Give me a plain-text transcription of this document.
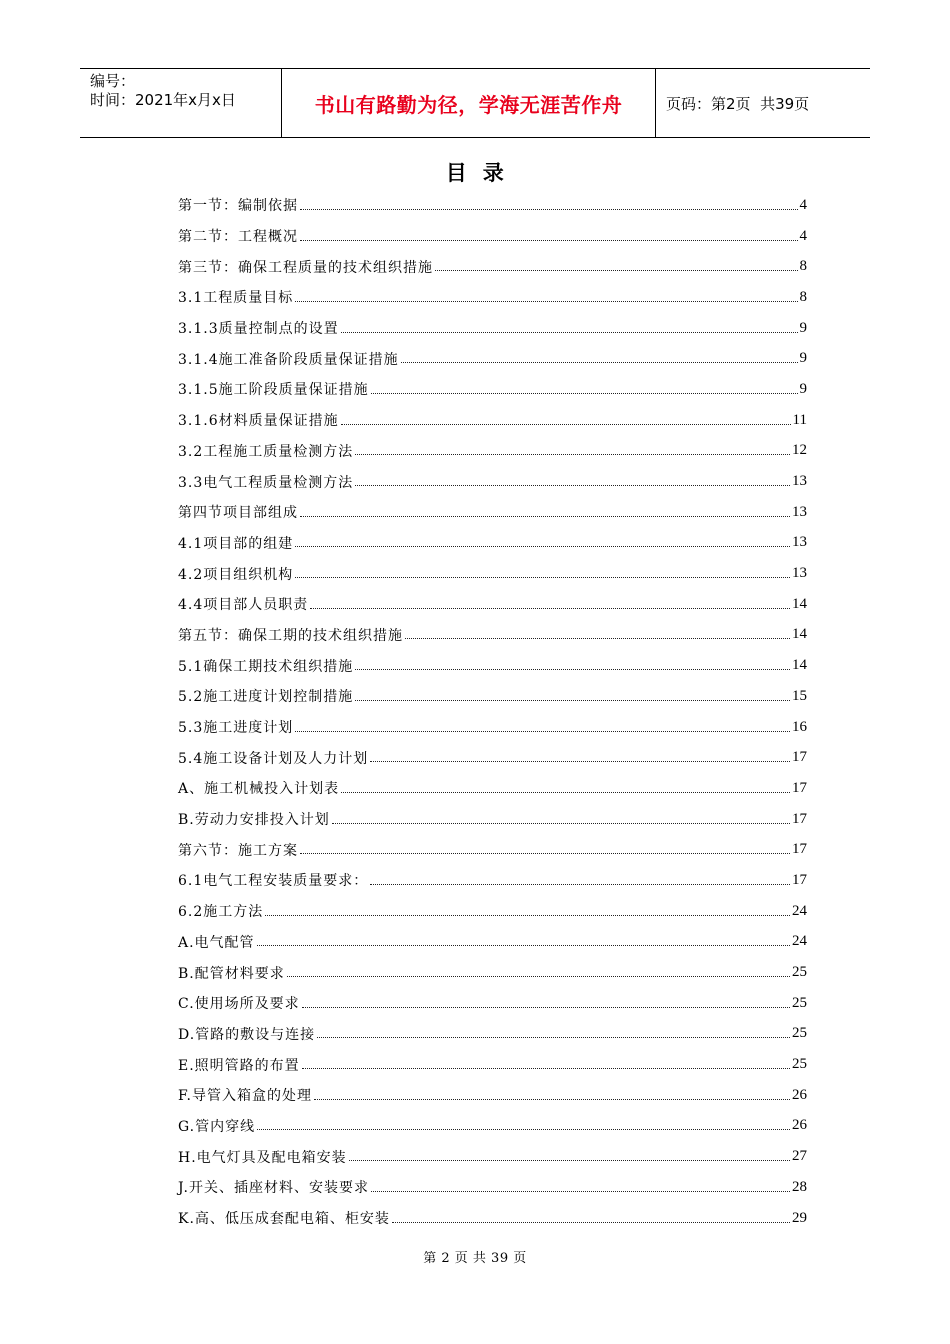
编号：
时间：2021年x月x日	书山有路勤为径，学海无涯苦作舟	页码：第2页  共39页
目  录
第一节：编制依据	4
第二节：工程概况	4
第三节：确保工程质量的技术组织措施	8
3.1工程质量目标	8
3.1.3质量控制点的设置	9
3.1.4施工准备阶段质量保证措施	9
3.1.5施工阶段质量保证措施	9
3.1.6材料质量保证措施	11
3.2工程施工质量检测方法	12
3.3电气工程质量检测方法	13
第四节项目部组成	13
4.1项目部的组建	13
4.2项目组织机构	13
4.4项目部人员职责	14
第五节：确保工期的技术组织措施	14
5.1确保工期技术组织措施	14
5.2施工进度计划控制措施	15
5.3施工进度计划	16
5.4施工设备计划及人力计划	17
A、施工机械投入计划表	17
B.劳动力安排投入计划	17
第六节：施工方案	17
6.1电气工程安装质量要求：	17
6.2施工方法	24
A.电气配管	24
B.配管材料要求	25
C.使用场所及要求	25
D.管路的敷设与连接	25
E.照明管路的布置	25
F.导管入箱盒的处理	26
G.管内穿线	26
H.电气灯具及配电箱安装	27
J.开关、插座材料、安装要求	28
K.高、低压成套配电箱、柜安装	29
第 2 页 共 39 页
